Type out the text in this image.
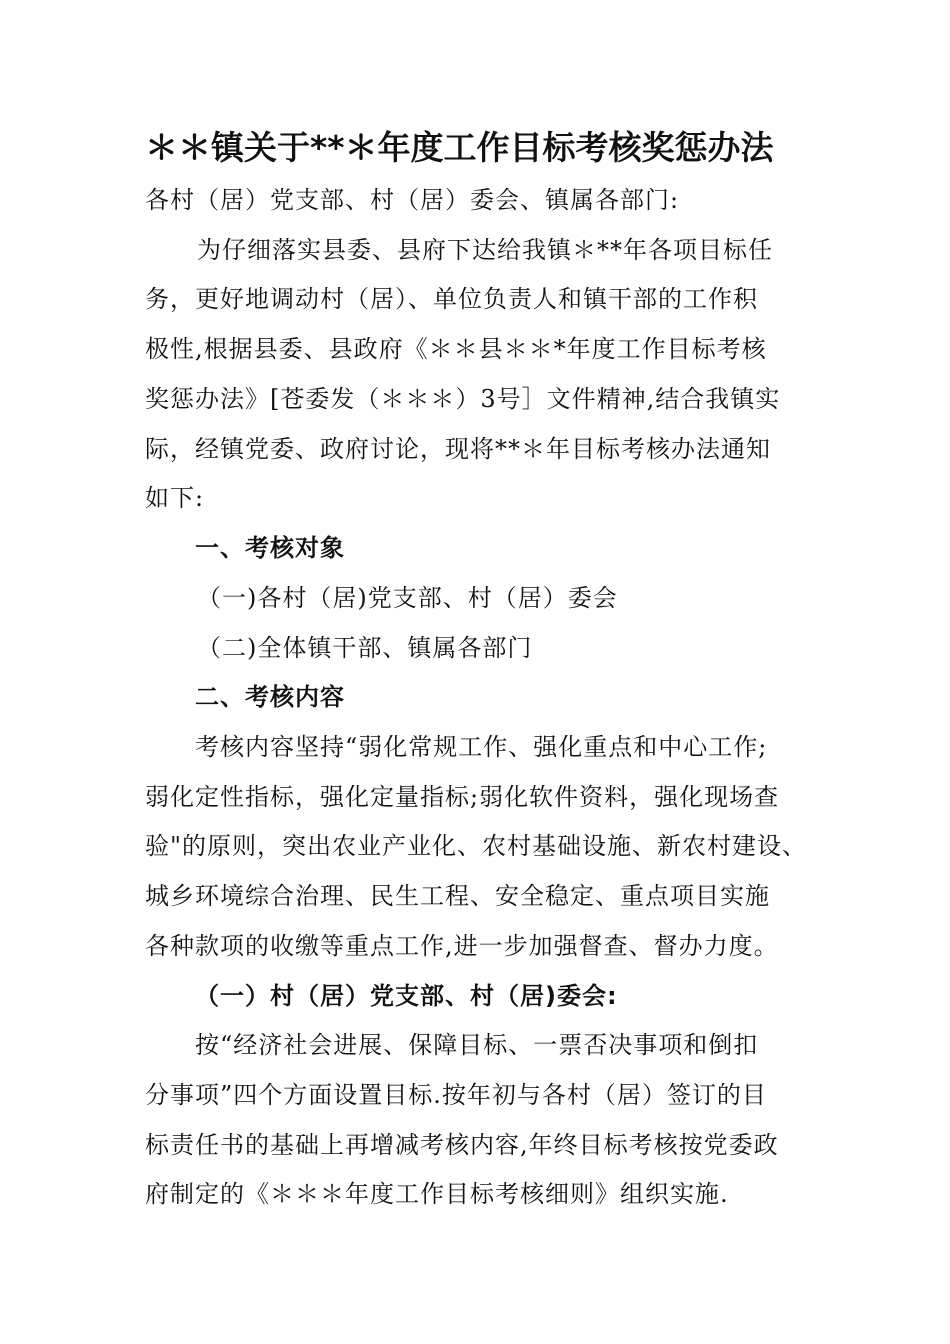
＊＊镇关于**＊年度工作目标考核奖惩办法
各村（居）党支部、村（居）委会、镇属各部门:
为仔细落实县委、县府下达给我镇＊**年各项目标任
务，更好地调动村（居）、单位负责人和镇干部的工作积
极性,根据县委、县政府《＊＊县＊＊*年度工作目标考核
奖惩办法》[苍委发（＊＊＊）3号］文件精神,结合我镇实
际，经镇党委、政府讨论，现将**＊年目标考核办法通知
如下:
一、考核对象
（一)各村（居)党支部、村（居）委会
（二)全体镇干部、镇属各部门
二、考核内容
考核内容坚持“弱化常规工作、强化重点和中心工作;
弱化定性指标，强化定量指标;弱化软件资料，强化现场查
验"的原则，突出农业产业化、农村基础设施、新农村建设、
城乡环境综合治理、民生工程、安全稳定、重点项目实施
各种款项的收缴等重点工作,进一步加强督查、督办力度。
（一）村（居）党支部、村（居)委会:
按“经济社会进展、保障目标、一票否决事项和倒扣
分事项”四个方面设置目标.按年初与各村（居）签订的目
标责任书的基础上再增减考核内容,年终目标考核按党委政
府制定的《＊＊＊年度工作目标考核细则》组织实施.
